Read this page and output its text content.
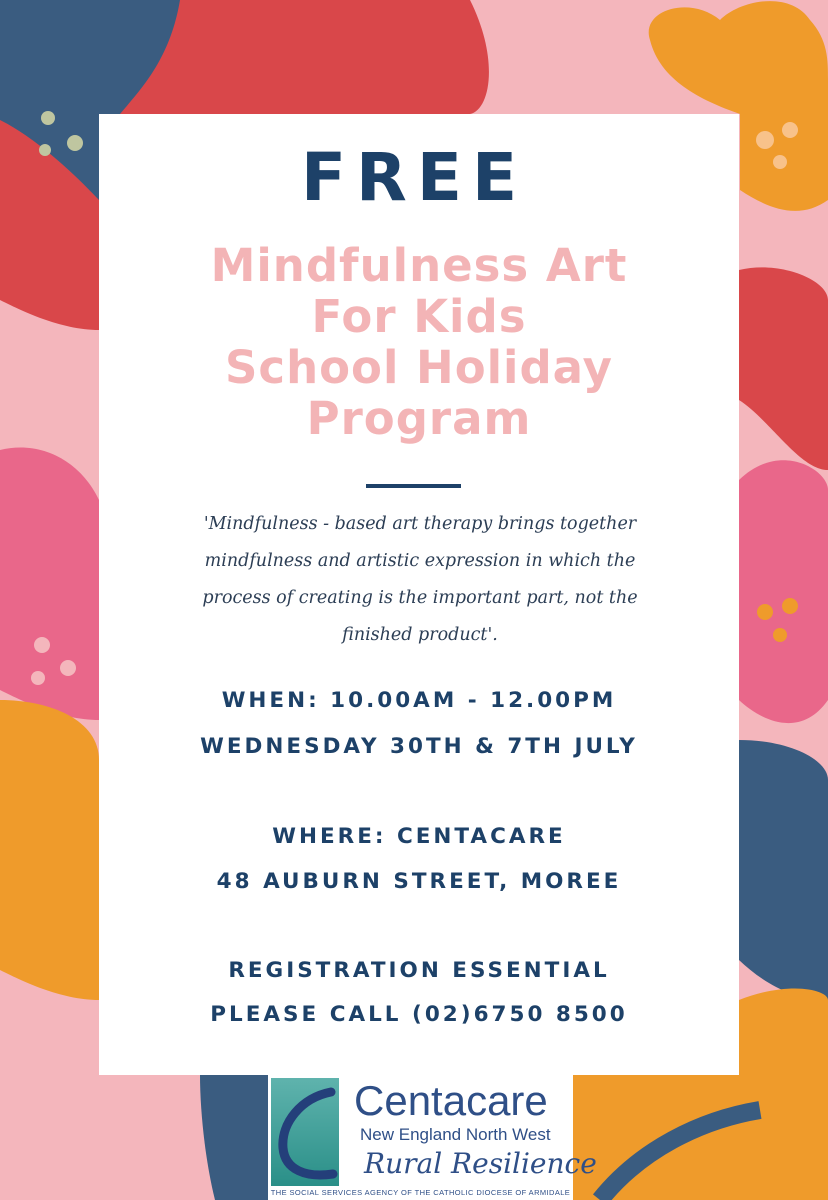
FREE
Mindfulness Art
For Kids
School Holiday
Program
'Mindfulness - based art therapy brings together mindfulness and artistic expression in which the process of creating is the important part, not the finished product'.
WHEN: 10.00AM - 12.00PM
WEDNESDAY 30TH & 7TH JULY
WHERE: CENTACARE
48 AUBURN STREET, MOREE
REGISTRATION ESSENTIAL
PLEASE CALL (02)6750 8500
Centacare
New England North West
Rural Resilience
THE SOCIAL SERVICES AGENCY OF THE CATHOLIC DIOCESE OF ARMIDALE
